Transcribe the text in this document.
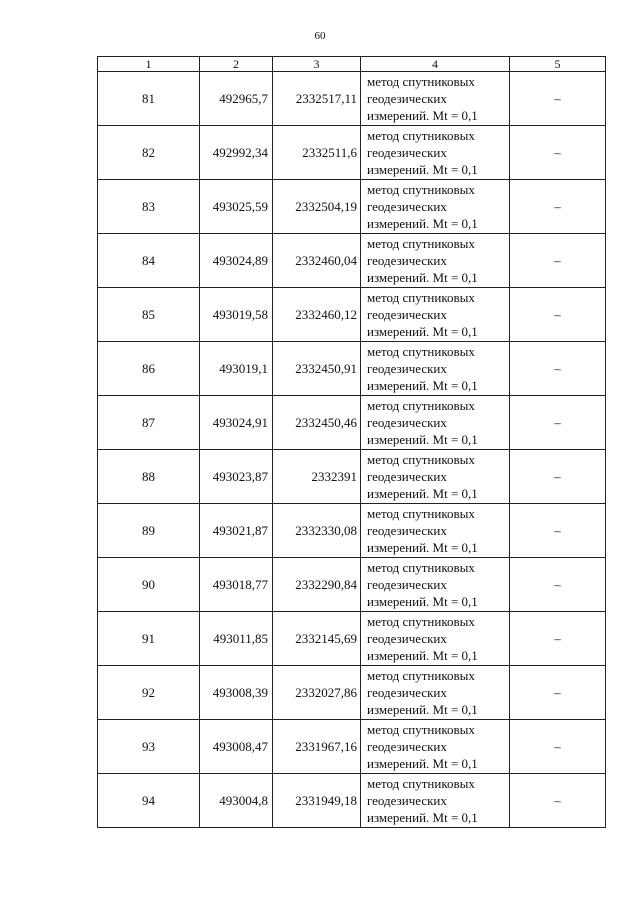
60
1	2	3	4	5
81	492965,7	2332517,11	метод спутниковых
геодезических
измерений. Mt = 0,1	–
82	492992,34	2332511,6	метод спутниковых
геодезических
измерений. Mt = 0,1	–
83	493025,59	2332504,19	метод спутниковых
геодезических
измерений. Mt = 0,1	–
84	493024,89	2332460,04	метод спутниковых
геодезических
измерений. Mt = 0,1	–
85	493019,58	2332460,12	метод спутниковых
геодезических
измерений. Mt = 0,1	–
86	493019,1	2332450,91	метод спутниковых
геодезических
измерений. Mt = 0,1	–
87	493024,91	2332450,46	метод спутниковых
геодезических
измерений. Mt = 0,1	–
88	493023,87	2332391	метод спутниковых
геодезических
измерений. Mt = 0,1	–
89	493021,87	2332330,08	метод спутниковых
геодезических
измерений. Mt = 0,1	–
90	493018,77	2332290,84	метод спутниковых
геодезических
измерений. Mt = 0,1	–
91	493011,85	2332145,69	метод спутниковых
геодезических
измерений. Mt = 0,1	–
92	493008,39	2332027,86	метод спутниковых
геодезических
измерений. Mt = 0,1	–
93	493008,47	2331967,16	метод спутниковых
геодезических
измерений. Mt = 0,1	–
94	493004,8	2331949,18	метод спутниковых
геодезических
измерений. Mt = 0,1	–
